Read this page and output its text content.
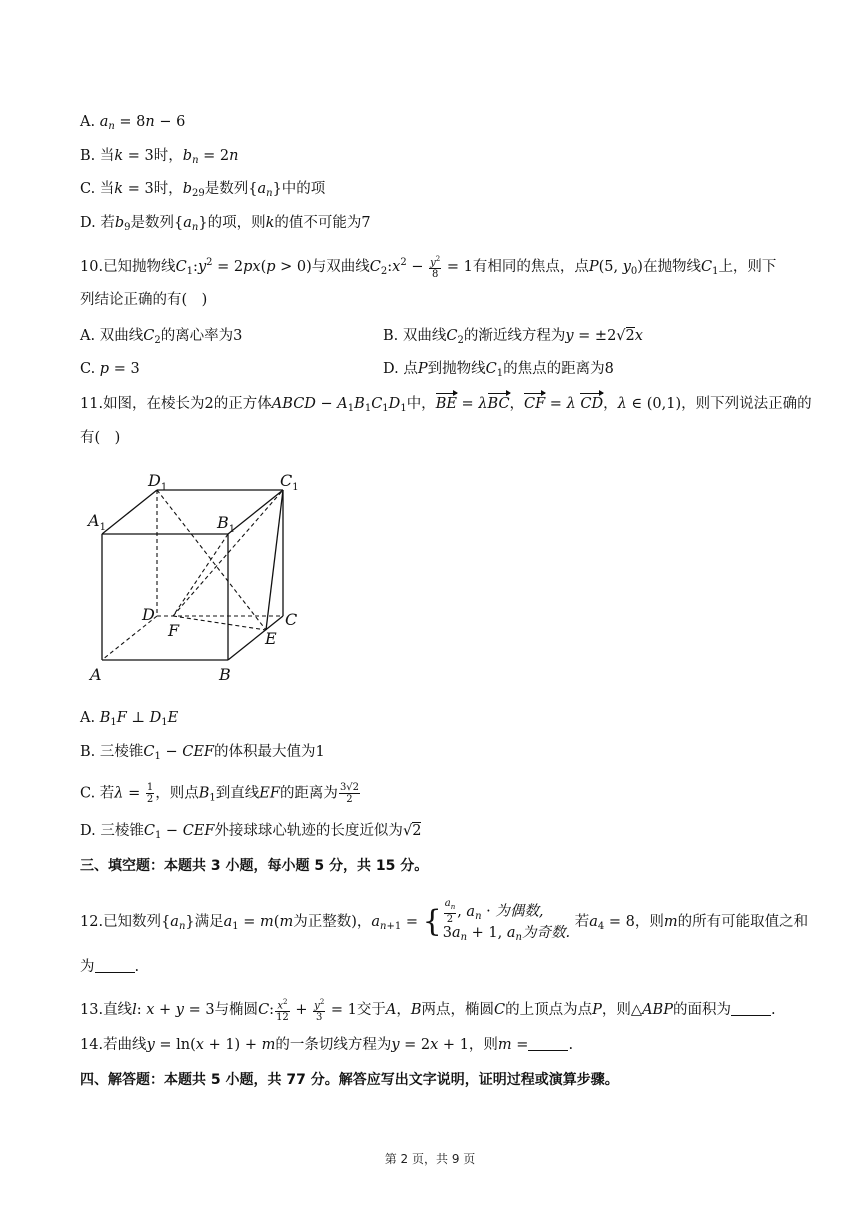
A. $a_n = 8n - 6$
B. 当k = 3时，$b_n = 2n$
C. 当k = 3时，$b_{29}$是数列$\{a_n\}$中的项
D. 若$b_9$是数列$\{a_n\}$的项，则k的值不可能为7
10.已知抛物线$C_1:y^2 = 2px(p > 0)$与双曲线$C_2:x^2 - \frac{y^2}{8} = 1$有相同的焦点，点P(5, $y_0$)在抛物线$C_1$上，则下
列结论正确的有(　)
A. 双曲线$C_2$的离心率为3	B. 双曲线$C_2$的渐近线方程为y = ±2√2x
C. p = 3	D. 点P到抛物线$C_1$的焦点的距离为8
11.如图，在棱长为2的正方体ABCD − $A_1B_1C_1D_1$中，BE = λBC，CF = λ CD，λ ∈ (0,1)，则下列说法正确的
有(　)
$D_1$	$C_1$
$A_1$	$B_1$
D	C
F	E
A	B
A. $B_1F$ ⊥ $D_1E$
B. 三棱锥$C_1$ − CEF的体积最大值为1
C. 若$\lambda = \frac{1}{2}$ ，则点$B_1$到直线EF的距离为 $\frac{3√2}{2}$
D. 三棱锥$C_1$ − CEF外接球球心轨迹的长度近似为√2
三、填空题：本题共 3 小题，每小题 5 分，共 15 分。
12.已知数列$\{a_n\}$满足$a_1 = m(m$为正整数)，$a_{n+1}$ = { $\frac{a_n}{2}$ , $a_n$ · 为偶数,
$3a_n + 1$, $a_n$为奇数.
若$a_4 = 8$，则m的所有可能取值之和
为	.
13.直线l: x + y = 3与椭圆C: $\frac{x^2}{12} + \frac{y^2}{3} = 1$交于A，B两点，椭圆C的上顶点为点P，则△ABP的面积为	.
14.若曲线y = ln(x + 1) + m的一条切线方程为y = 2x + 1，则m =	.
四、解答题：本题共 5 小题，共 77 分。解答应写出文字说明，证明过程或演算步骤。
第 2 页，共 9 页
